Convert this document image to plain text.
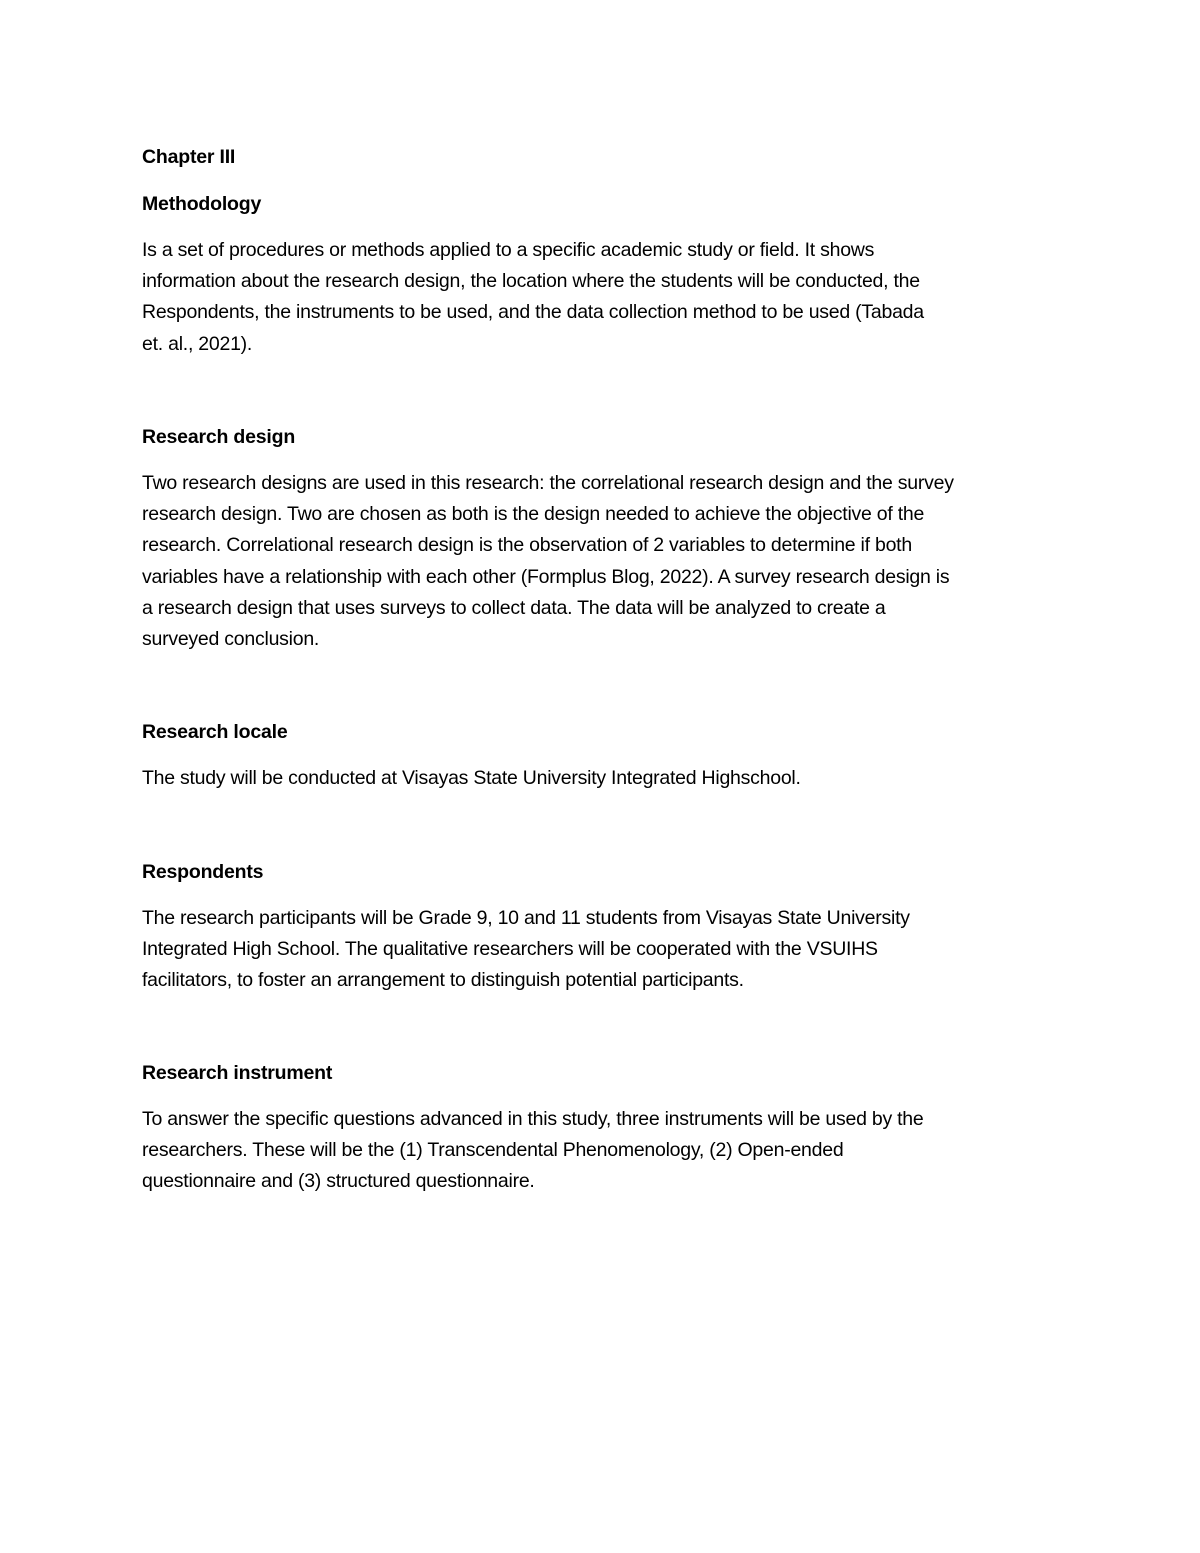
Chapter III

Methodology

Is a set of procedures or methods applied to a specific academic study or field. It shows
information about the research design, the location where the students will be conducted, the
Respondents, the instruments to be used, and the data collection method to be used (Tabada
et. al., 2021).

Research design

Two research designs are used in this research: the correlational research design and the survey
research design. Two are chosen as both is the design needed to achieve the objective of the
research. Correlational research design is the observation of 2 variables to determine if both
variables have a relationship with each other (Formplus Blog, 2022). A survey research design is
a research design that uses surveys to collect data. The data will be analyzed to create a
surveyed conclusion.

Research locale

The study will be conducted at Visayas State University Integrated Highschool.

Respondents

The research participants will be Grade 9, 10 and 11 students from Visayas State University
Integrated High School. The qualitative researchers will be cooperated with the VSUIHS
facilitators, to foster an arrangement to distinguish potential participants.

Research instrument

To answer the specific questions advanced in this study, three instruments will be used by the
researchers. These will be the (1) Transcendental Phenomenology, (2) Open-ended
questionnaire and (3) structured questionnaire.
